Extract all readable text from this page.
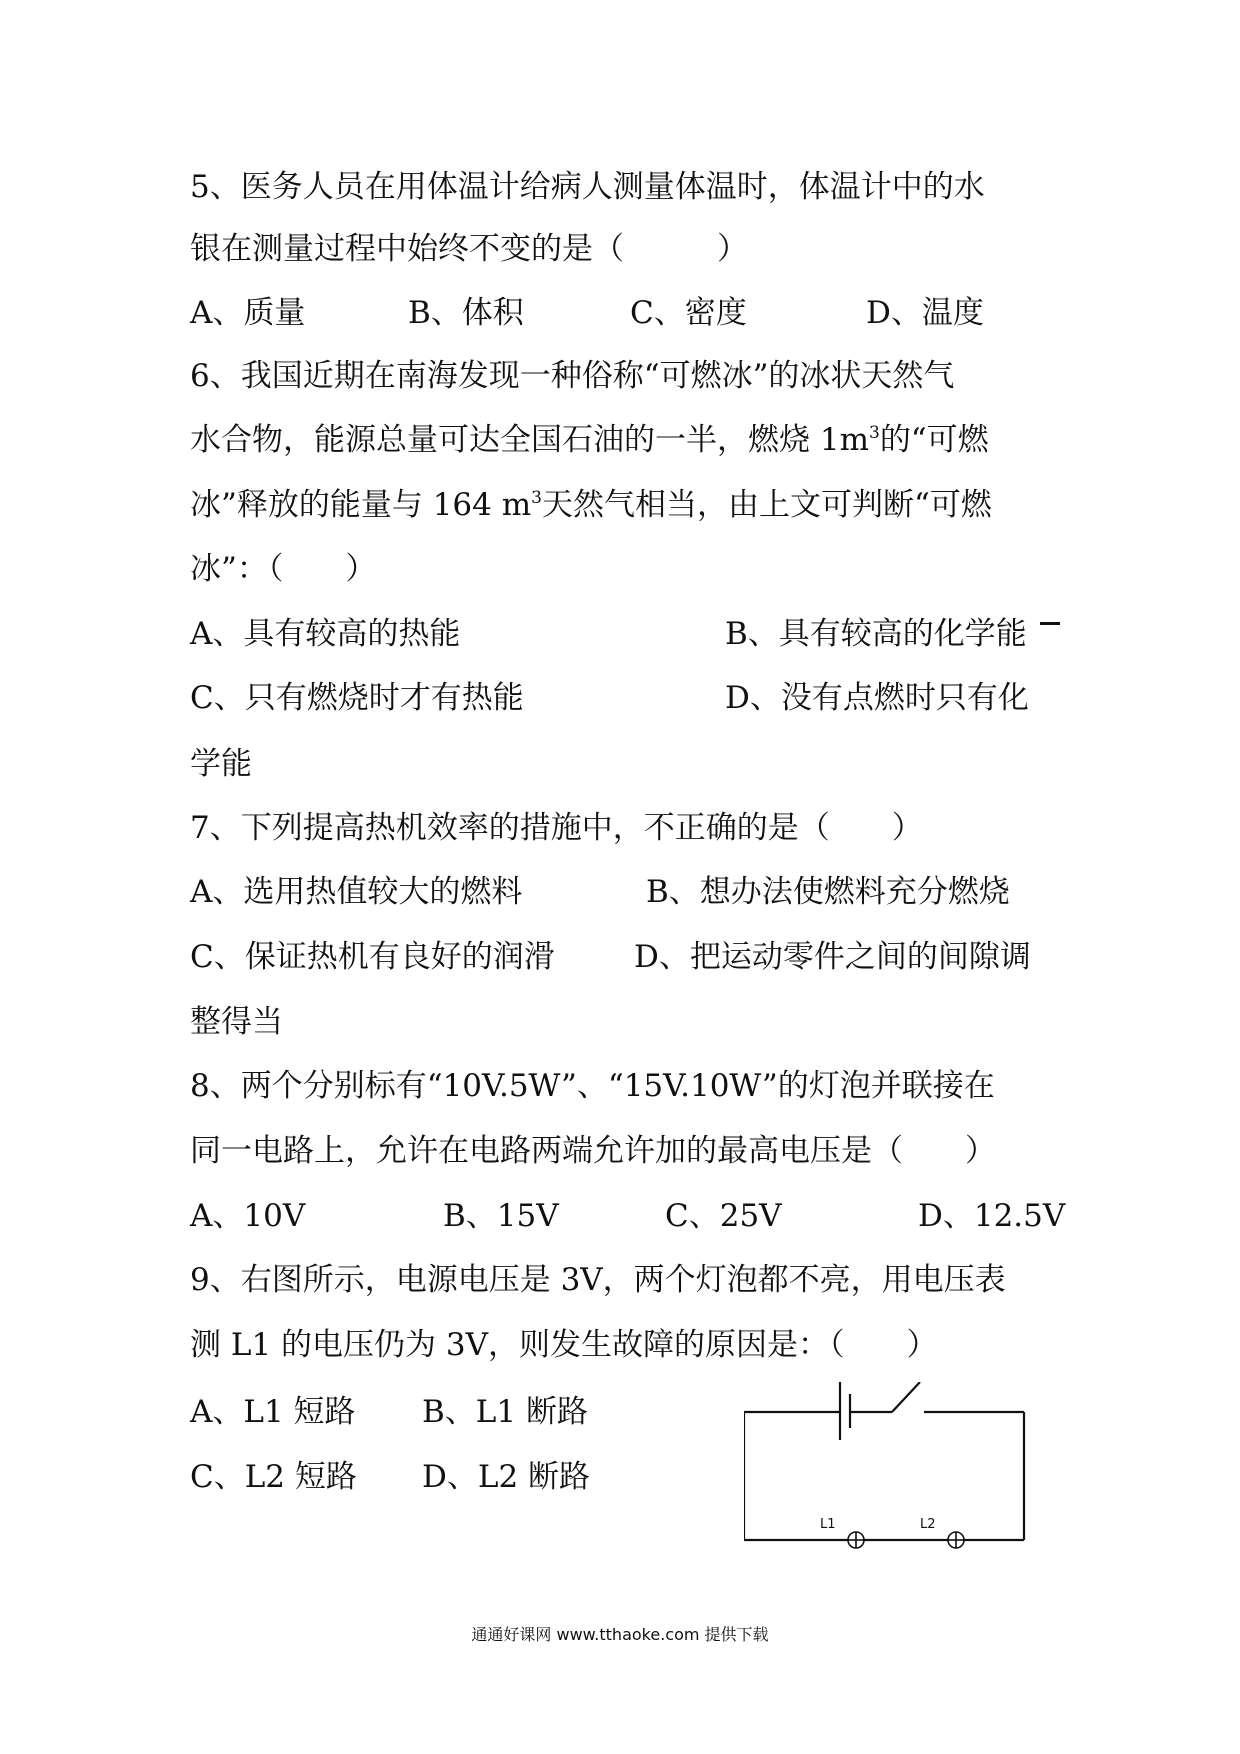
5、医务人员在用体温计给病人测量体温时，体温计中的水
银在测量过程中始终不变的是（　　　）
A、质量	B、体积	C、密度	D、温度
6、我国近期在南海发现一种俗称“可燃冰”的冰状天然气
水合物，能源总量可达全国石油的一半，燃烧 $1m^3$的“可燃
冰”释放的能量与 164 $m^3$天然气相当，由上文可判断“可燃
冰”：（　　）
A、具有较高的热能	B、具有较高的化学能
C、只有燃烧时才有热能	D、没有点燃时只有化
学能
7、下列提高热机效率的措施中，不正确的是（　　）
A、选用热值较大的燃料	B、想办法使燃料充分燃烧
C、保证热机有良好的润滑	D、把运动零件之间的间隙调
整得当
8、两个分别标有“10V.5W”、“15V.10W”的灯泡并联接在
同一电路上，允许在电路两端允许加的最高电压是（　　）
A、10V	B、15V	C、25V	D、12.5V
9、右图所示，电源电压是 3V，两个灯泡都不亮，用电压表
测 L1 的电压仍为 3V，则发生故障的原因是：（　　）
A、L1 短路 B、L1 断路
C、L2 短路 D、L2 断路
L1	L2
通通好课网 www.tthaoke.com 提供下载
